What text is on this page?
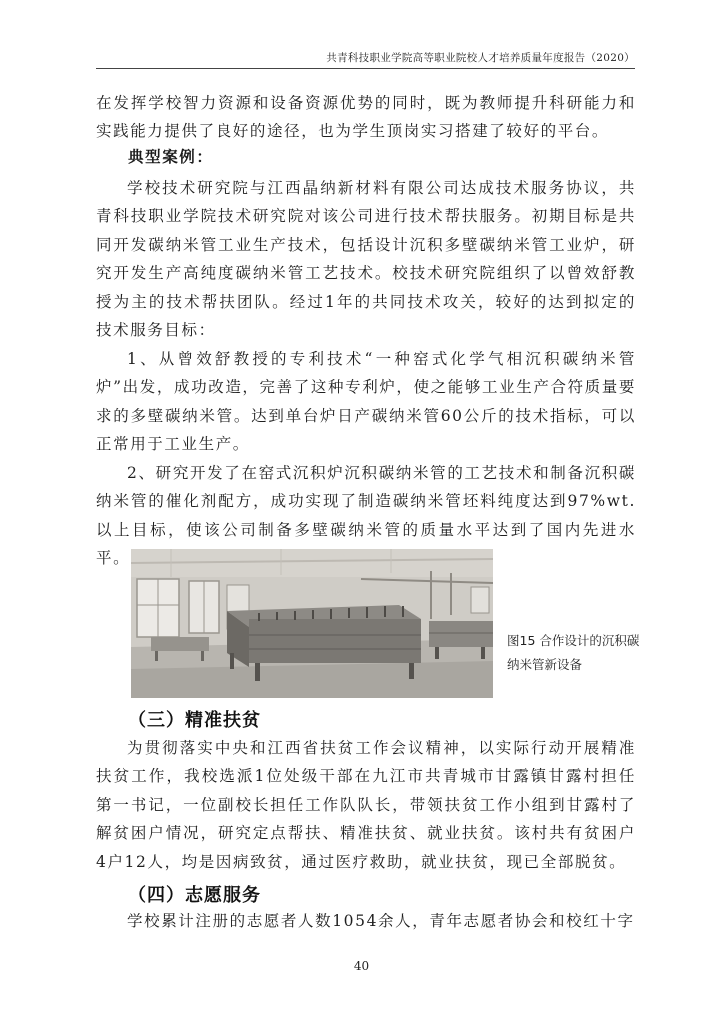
共青科技职业学院高等职业院校人才培养质量年度报告（2020）

在发挥学校智力资源和设备资源优势的同时，既为教师提升科研能力和实践能力提供了良好的途径，也为学生顶岗实习搭建了较好的平台。

典型案例：

学校技术研究院与江西晶纳新材料有限公司达成技术服务协议，共青科技职业学院技术研究院对该公司进行技术帮扶服务。初期目标是共同开发碳纳米管工业生产技术，包括设计沉积多壁碳纳米管工业炉，研究开发生产高纯度碳纳米管工艺技术。校技术研究院组织了以曾效舒教授为主的技术帮扶团队。经过1年的共同技术攻关，较好的达到拟定的技术服务目标：

1、从曾效舒教授的专利技术“一种窑式化学气相沉积碳纳米管炉”出发，成功改造，完善了这种专利炉，使之能够工业生产合符质量要求的多壁碳纳米管。达到单台炉日产碳纳米管60公斤的技术指标，可以正常用于工业生产。

2、研究开发了在窑式沉积炉沉积碳纳米管的工艺技术和制备沉积碳纳米管的催化剂配方，成功实现了制造碳纳米管坯料纯度达到97%wt.以上目标，使该公司制备多壁碳纳米管的质量水平达到了国内先进水平。

图15 合作设计的沉积碳纳米管新设备
（三）精准扶贫

为贯彻落实中央和江西省扶贫工作会议精神，以实际行动开展精准扶贫工作，我校选派1位处级干部在九江市共青城市甘露镇甘露村担任第一书记，一位副校长担任工作队队长，带领扶贫工作小组到甘露村了解贫困户情况，研究定点帮扶、精准扶贫、就业扶贫。该村共有贫困户4户12人，均是因病致贫，通过医疗救助，就业扶贫，现已全部脱贫。

（四）志愿服务

学校累计注册的志愿者人数1054余人，青年志愿者协会和校红十字

40
